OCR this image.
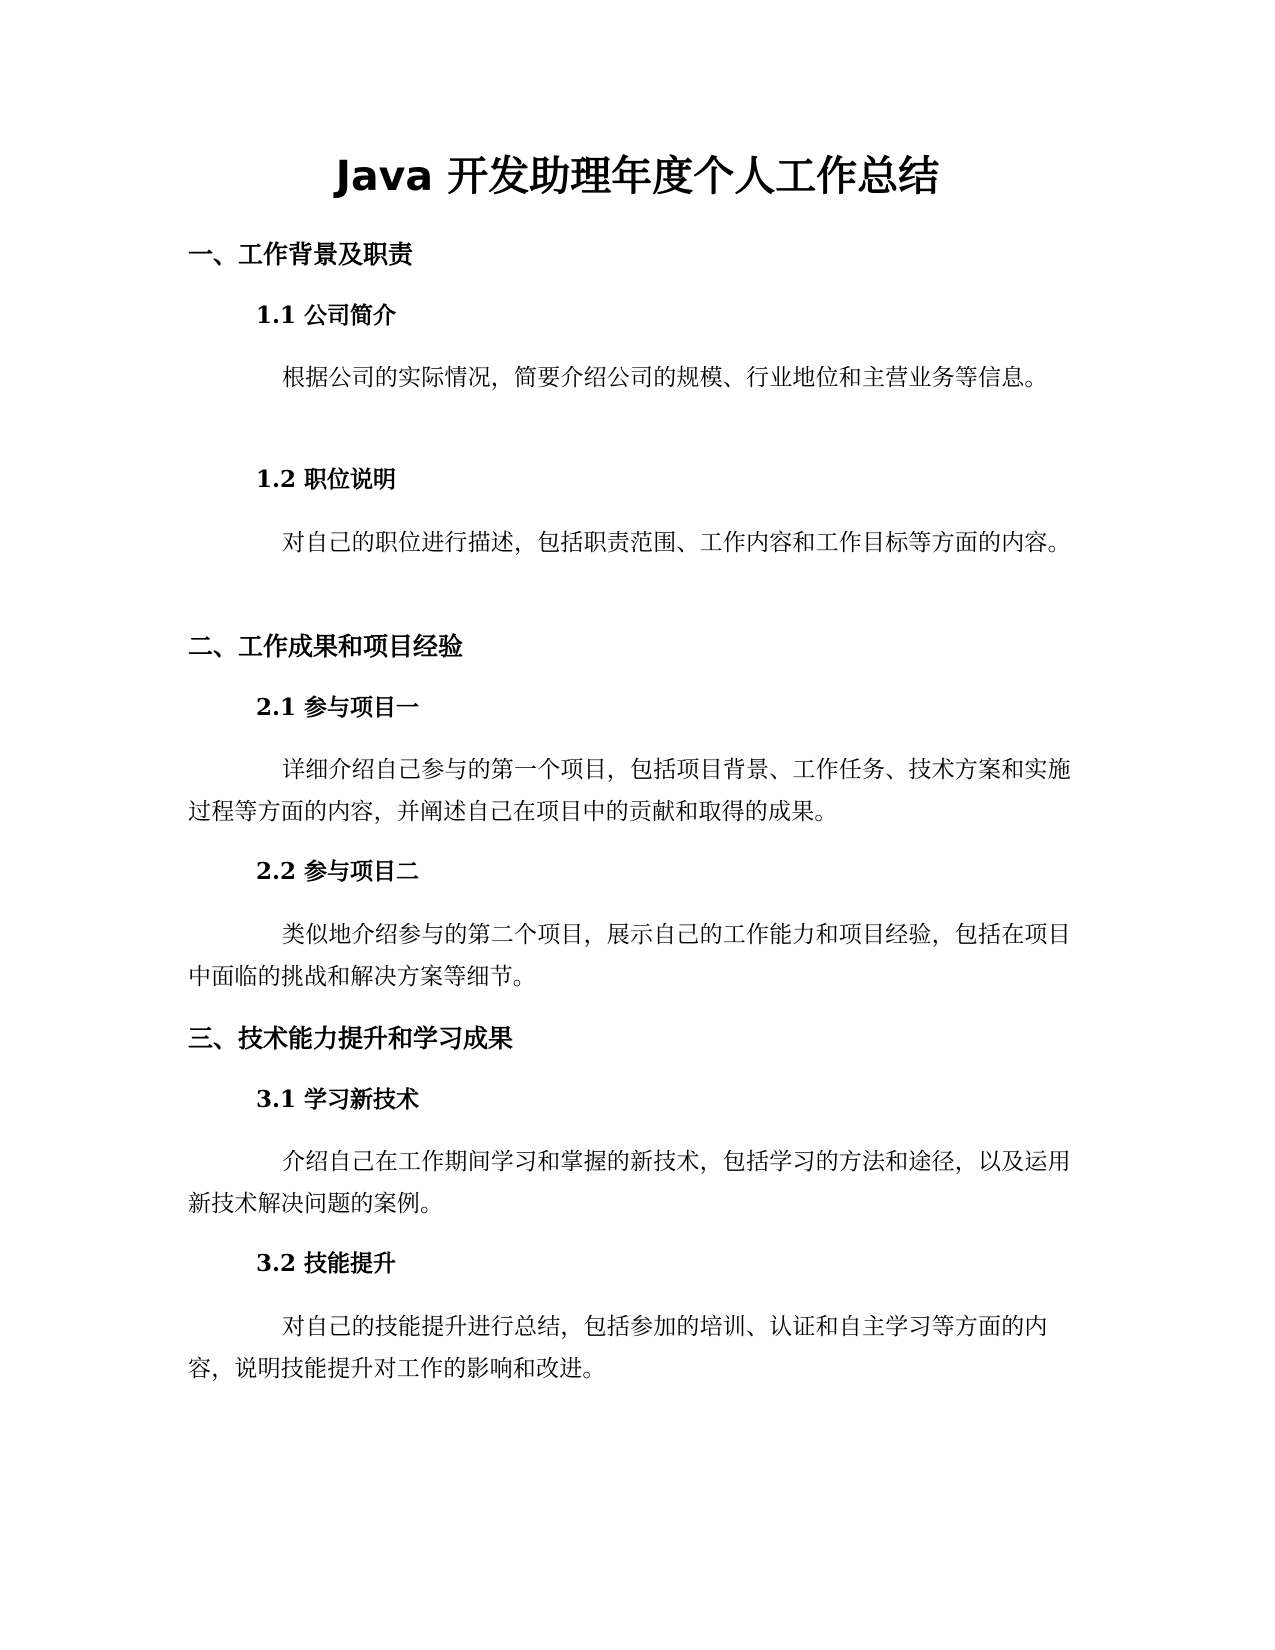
Java 开发助理年度个人工作总结
一、工作背景及职责
1.1 公司简介

根据公司的实际情况，简要介绍公司的规模、行业地位和主营业务等信息。

1.2 职位说明

对自己的职位进行描述，包括职责范围、工作内容和工作目标等方面的内容。

二、工作成果和项目经验
2.1 参与项目一

详细介绍自己参与的第一个项目，包括项目背景、工作任务、技术方案和实施过程等方面的内容，并阐述自己在项目中的贡献和取得的成果。

2.2 参与项目二

类似地介绍参与的第二个项目，展示自己的工作能力和项目经验，包括在项目中面临的挑战和解决方案等细节。

三、技术能力提升和学习成果
3.1 学习新技术

介绍自己在工作期间学习和掌握的新技术，包括学习的方法和途径，以及运用新技术解决问题的案例。

3.2 技能提升

对自己的技能提升进行总结，包括参加的培训、认证和自主学习等方面的内容，说明技能提升对工作的影响和改进。
